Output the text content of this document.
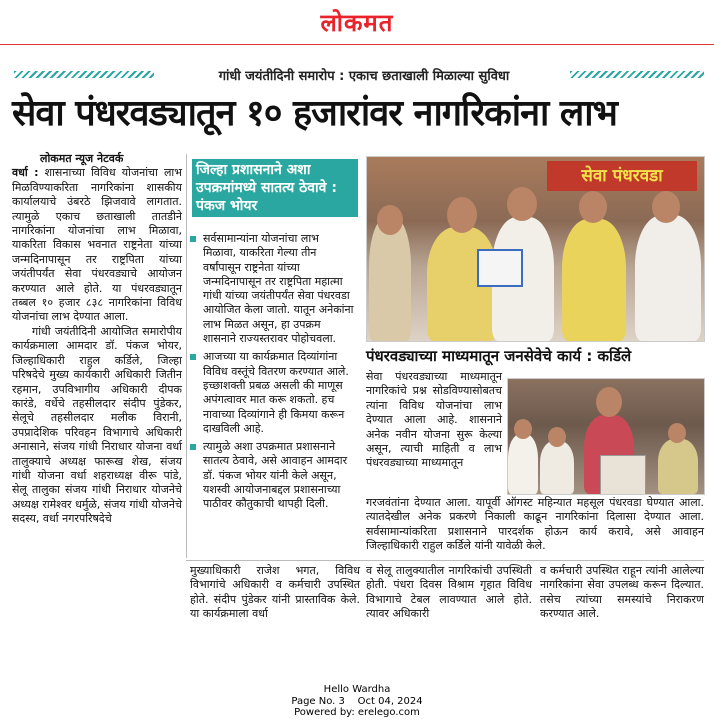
लोकमत
गांधी जयंतीदिनी समारोप : एकाच छताखाली मिळाल्या सुविधा
सेवा पंधरवड्यातून १० हजारांवर नागरिकांना लाभ

लोकमत न्यूज नेटवर्क

वर्धा : शासनाच्या विविध योजनांचा लाभ मिळविण्याकरिता नागरिकांना शासकीय कार्यालयाचे उंबरठे झिजवावे लागतात. त्यामुळे एकाच छताखाली तातडीने नागरिकांना योजनांचा लाभ मिळावा, याकरिता विकास भवनात राष्ट्रनेता यांच्या जन्मदिनापासून तर राष्ट्रपिता यांच्या जयंतीपर्यंत सेवा पंधरवड्याचे आयोजन करण्यात आले होते. या पंधरवड्यातून तब्बल १० हजार ८३८ नागरिकांना विविध योजनांचा लाभ देण्यात आला.

गांधी जयंतीदिनी आयोजित समारोपीय कार्यक्रमाला आमदार डॉ. पंकज भोयर, जिल्हाधिकारी राहुल कर्डिले, जिल्हा परिषदेचे मुख्य कार्यकारी अधिकारी जितीन रहमान, उपविभागीय अधिकारी दीपक कारंडे, वर्धेचे तहसीलदार संदीप पुंडेकर, सेलूचे तहसीलदार मलीक विरानी, उपप्रादेशिक परिवहन विभागाचे अधिकारी अनासाने, संजय गांधी निराधार योजना वर्धा तालुक्याचे अध्यक्ष फारूख शेख, संजय गांधी योजना वर्धा शहराध्यक्ष वीरू पांडे, सेलू तालुका संजय गांधी निराधार योजनेचे अध्यक्ष रामेश्वर धर्मुळे, संजय गांधी योजनेचे सदस्य, वर्धा नगरपरिषदेचे

जिल्हा प्रशासनाने अशा उपक्रमांमध्ये सातत्य ठेवावे : पंकज भोयर
सर्वसामान्यांना योजनांचा लाभ मिळावा, याकरिता गेल्या तीन वर्षांपासून राष्ट्रनेता यांच्या जन्मदिनापासून तर राष्ट्रपिता महात्मा गांधी यांच्या जयंतीपर्यंत सेवा पंधरवडा आयोजित केला जातो. यातून अनेकांना लाभ मिळत असून, हा उपक्रम शासनाने राज्यस्तरावर पोहोचवला.
आजच्या या कार्यक्रमात दिव्यांगांना विविध वस्तूंचे वितरण करण्यात आले. इच्छाशक्ती प्रबळ असली की माणूस अपंगत्वावर मात करू शकतो. हच नावाच्या दिव्यांगाने ही किमया करून दाखविली आहे.
त्यामुळे अशा उपक्रमात प्रशासनाने सातत्य ठेवावे, असे आवाहन आमदार डॉ. पंकज भोयर यांनी केले असून, यशस्वी आयोजनाबद्दल प्रशासनाच्या पाठीवर कौतुकाची थापही दिली.
सेवा पंधरवडा
पंधरवड्याच्या माध्यमातून जनसेवेचे कार्य : कर्डिले

सेवा पंधरवड्याच्या माध्यमातून नागरिकांचे प्रश्न सोडविण्यासोबतच त्यांना विविध योजनांचा लाभ देण्यात आला आहे. शासनाने अनेक नवीन योजना सुरू केल्या असून, त्याची माहिती व लाभ पंधरवड्याच्या माध्यमातून

गरजवंतांना देण्यात आला. यापूर्वी ऑगस्ट महिन्यात महसूल पंधरवडा घेण्यात आला. त्यातदेखील अनेक प्रकरणे निकाली काढून नागरिकांना दिलासा देण्यात आला. सर्वसामान्यांकरिता प्रशासनाने पारदर्शक होऊन कार्य करावे, असे आवाहन जिल्हाधिकारी राहुल कर्डिले यांनी यावेळी केले.

मुख्याधिकारी राजेश भगत, विविध विभागांचे अधिकारी व कर्मचारी उपस्थित होते. संदीप पुंडेकर यांनी प्रास्ताविक केले. या कार्यक्रमाला वर्धा

व सेलू तालुक्यातील नागरिकांची उपस्थिती होती. पंधरा दिवस विश्राम गृहात विविध विभागाचे टेबल लावण्यात आले होते. त्यावर अधिकारी

व कर्मचारी उपस्थित राहून त्यांनी आलेल्या नागरिकांना सेवा उपलब्ध करून दिल्यात. तसेच त्यांच्या समस्यांचे निराकरण करण्यात आले.

Hello Wardha
Page No. 3    Oct 04, 2024
Powered by: erelego.com
